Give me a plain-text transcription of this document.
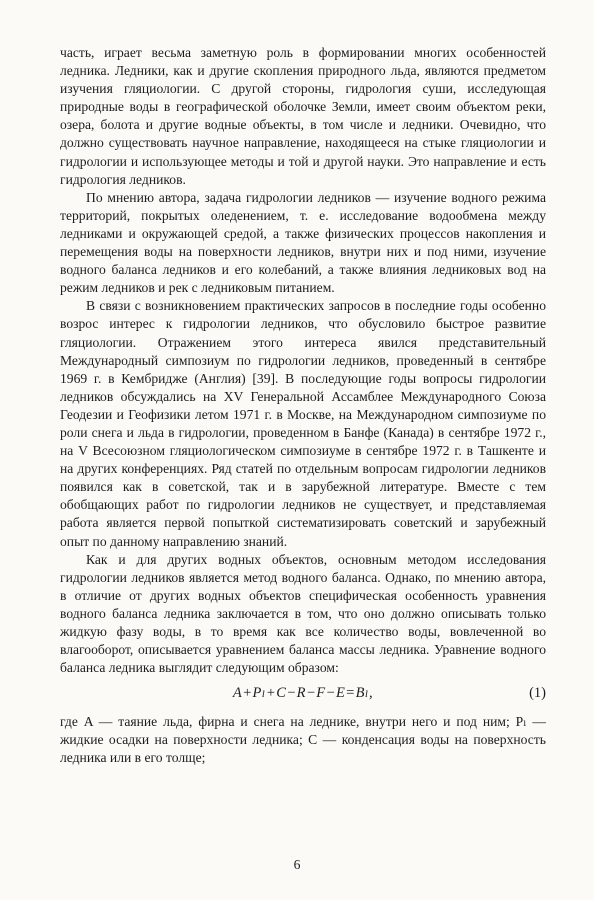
часть, играет весьма заметную роль в формировании многих особенностей ледника. Ледники, как и другие скопления природного льда, являются предметом изучения гляциологии. С другой стороны, гидрология суши, исследующая природные воды в географической оболочке Земли, имеет своим объектом реки, озера, болота и другие водные объекты, в том числе и ледники. Очевидно, что должно существовать научное направление, находящееся на стыке гляциологии и гидрологии и использующее методы и той и другой науки. Это направление и есть гидрология ледников.

По мнению автора, задача гидрологии ледников — изучение водного режима территорий, покрытых оледенением, т. е. исследование водообмена между ледниками и окружающей средой, а также физических процессов накопления и перемещения воды на поверхности ледников, внутри них и под ними, изучение водного баланса ледников и его колебаний, а также влияния ледниковых вод на режим ледников и рек с ледниковым питанием.

В связи с возникновением практических запросов в последние годы особенно возрос интерес к гидрологии ледников, что обусловило быстрое развитие гляциологии. Отражением этого интереса явился представительный Международный симпозиум по гидрологии ледников, проведенный в сентябре 1969 г. в Кембридже (Англия) [39]. В последующие годы вопросы гидрологии ледников обсуждались на XV Генеральной Ассамблее Международного Союза Геодезии и Геофизики летом 1971 г. в Москве, на Международном симпозиуме по роли снега и льда в гидрологии, проведенном в Банфе (Канада) в сентябре 1972 г., на V Всесоюзном гляциологическом симпозиуме в сентябре 1972 г. в Ташкенте и на других конференциях. Ряд статей по отдельным вопросам гидрологии ледников появился как в советской, так и в зарубежной литературе. Вместе с тем обобщающих работ по гидрологии ледников не существует, и представляемая работа является первой попыткой систематизировать советский и зарубежный опыт по данному направлению знаний.

Как и для других водных объектов, основным методом исследования гидрологии ледников является метод водного баланса. Однако, по мнению автора, в отличие от других водных объектов специфическая особенность уравнения водного баланса ледника заключается в том, что оно должно описывать только жидкую фазу воды, в то время как все количество воды, вовлеченной во влагооборот, описывается уравнением баланса массы ледника. Уравнение водного баланса ледника выглядит следующим образом:

A+Pₗ+C−R−F−E=Bₗ,	(1)

где A — таяние льда, фирна и снега на леднике, внутри него и под ним; Pₗ — жидкие осадки на поверхности ледника; C — конденсация воды на поверхность ледника или в его толще;

6
